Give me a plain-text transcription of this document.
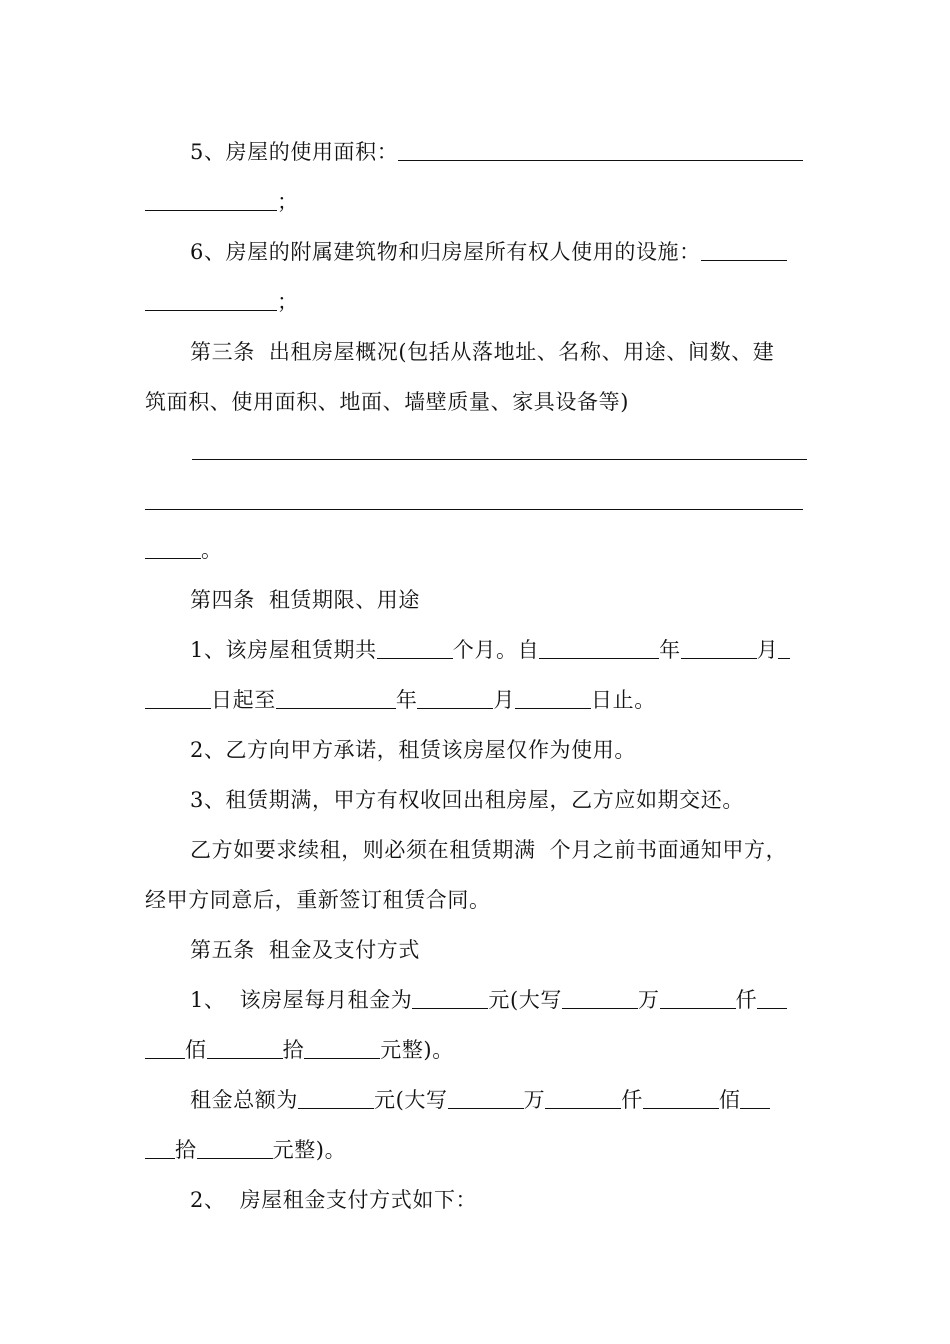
5、房屋的使用面积：
；
6、房屋的附属建筑物和归房屋所有权人使用的设施：
；
第三条 出租房屋概况(包括从落地址、名称、用途、间数、建
筑面积、使用面积、地面、墙壁质量、家具设备等)
。
第四条 租赁期限、用途
1、该房屋租赁期共	个月。自	年	月
日起至	年	月	日止。
2、乙方向甲方承诺，租赁该房屋仅作为使用。
3、租赁期满，甲方有权收回出租房屋，乙方应如期交还。
乙方如要求续租，则必须在租赁期满 个月之前书面通知甲方，
经甲方同意后，重新签订租赁合同。
第五条 租金及支付方式
1、 该房屋每月租金为	元(大写	万	仟
佰	拾	元整)。
租金总额为	元(大写	万	仟	佰
拾	元整)。
2、 房屋租金支付方式如下：
